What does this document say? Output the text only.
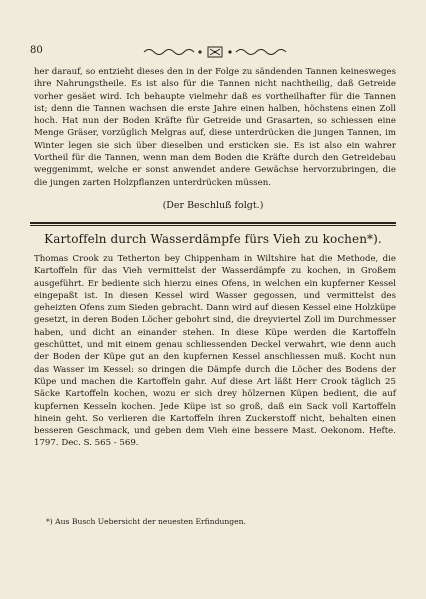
80

her darauf, so entzieht dieses den in der Folge zu sändenden Tannen keinesweges ihre Nahrungstheile. Es ist also für die Tannen nicht nachtheilig, daß Getreide vorher gesäet wird. Ich behaupte vielmehr daß es vortheilhafter für die Tannen ist; denn die Tannen wachsen die erste Jahre einen halben, höchstens einen Zoll hoch. Hat nun der Boden Kräfte für Getreide und Grasarten, so schiessen eine Menge Gräser, vorzüglich Melgras auf, diese unterdrücken die jungen Tannen, im Winter legen sie sich über dieselben und ersticken sie. Es ist also ein wahrer Vortheil für die Tannen, wenn man dem Boden die Kräfte durch den Getreidebau weggenimmt, welche er sonst anwendet andere Gewächse hervorzubringen, die die jungen zarten Holzpflanzen unterdrücken müssen.

(Der Beschluß folgt.)
Kartoffeln durch Wasserdämpfe fürs Vieh zu kochen*).

Thomas Crook zu Tetherton bey Chippenham in Wiltshire hat die Methode, die Kartoffeln für das Vieh vermittelst der Wasserdämpfe zu kochen, in Großem ausgeführt. Er bediente sich hierzu eines Ofens, in welchen ein kupferner Kessel eingepaßt ist. In diesen Kessel wird Wasser gegossen, und vermittelst des geheizten Ofens zum Sieden gebracht. Dann wird auf diesen Kessel eine Holzküpe gesetzt, in deren Boden Löcher gebohrt sind, die dreyviertel Zoll im Durchmesser haben, und dicht an einander stehen. In diese Küpe werden die Kartoffeln geschüttet, und mit einem genau schliessenden Deckel verwahrt, wie denn auch der Boden der Küpe gut an den kupfernen Kessel anschliessen muß. Kocht nun das Wasser im Kessel: so dringen die Dämpfe durch die Löcher des Bodens der Küpe und machen die Kartoffeln gahr. Auf diese Art läßt Herr Crook täglich 25 Säcke Kartoffeln kochen, wozu er sich drey hölzernen Küpen bedient, die auf kupfernen Kesseln kochen. Jede Küpe ist so groß, daß ein Sack voll Kartoffeln hinein geht. So verlieren die Kartoffeln ihren Zuckerstoff nicht, behalten einen besseren Geschmack, und geben dem Vieh eine bessere Mast. Oekonom. Hefte. 1797. Dec. S. 565 - 569.

*) Aus Busch Uebersicht der neuesten Erfindungen.
